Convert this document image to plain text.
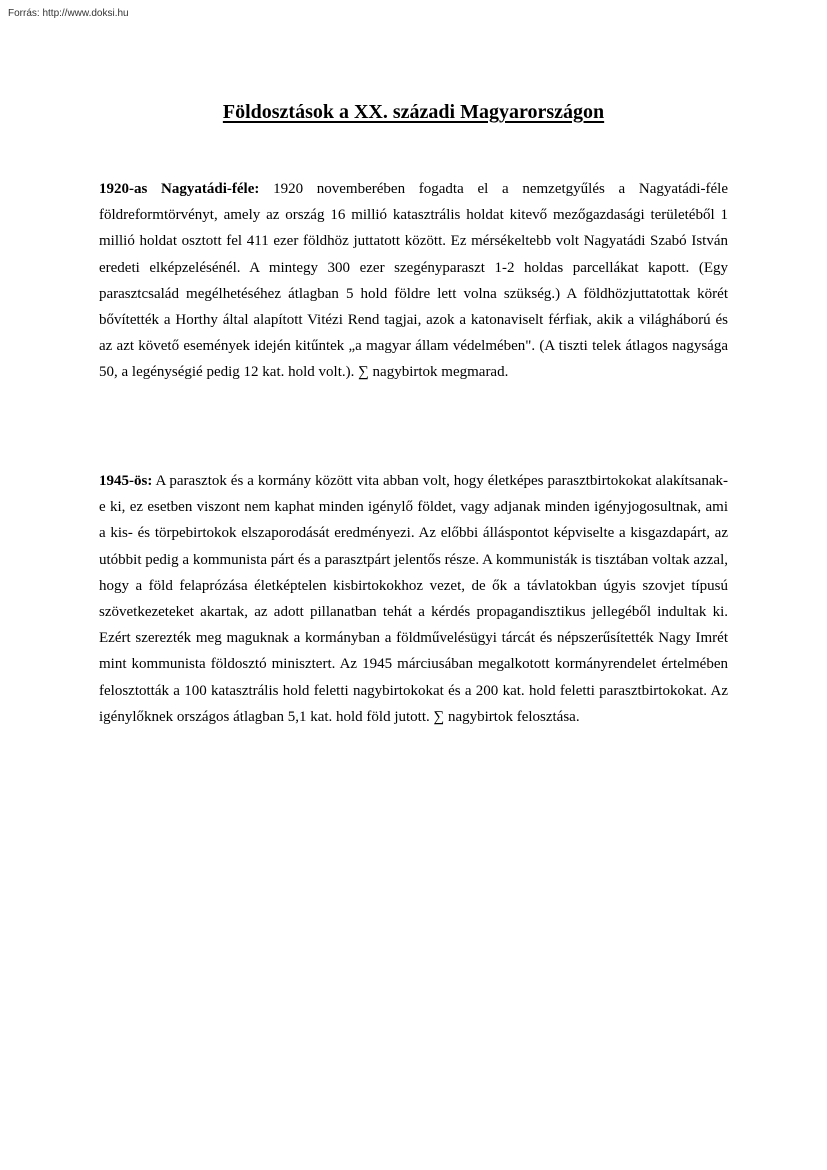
Forrás: http://www.doksi.hu
Földosztások a XX. századi Magyarországon

1920-as Nagyatádi-féle: 1920 novemberében fogadta el a nemzetgyűlés a Nagyatádi-féle földreformtörvényt, amely az ország 16 millió katasztrális holdat kitevő mezőgazdasági területéből 1 millió holdat osztott fel 411 ezer földhöz juttatott között. Ez mérsékeltebb volt Nagyatádi Szabó István eredeti elképzelésénél. A mintegy 300 ezer szegényparaszt 1-2 holdas parcellákat kapott. (Egy parasztcsalád megélhetéséhez átlagban 5 hold földre lett volna szükség.) A földhözjuttatottak körét bővítették a Horthy által alapított Vitézi Rend tagjai, azok a katonaviselt férfiak, akik a világháború és az azt követő események idején kitűntek „a magyar állam védelmében". (A tiszti telek átlagos nagysága 50, a legénységié pedig 12 kat. hold volt.). ∑ nagybirtok megmarad.

1945-ös: A parasztok és a kormány között vita abban volt, hogy életképes parasztbirtokokat alakítsanak-e ki, ez esetben viszont nem kaphat minden igénylő földet, vagy adjanak minden igényjogosultnak, ami a kis- és törpebirtokok elszaporodását eredményezi. Az előbbi álláspontot képviselte a kisgazdapárt, az utóbbit pedig a kommunista párt és a parasztpárt jelentős része. A kommunisták is tisztában voltak azzal, hogy a föld felaprózása életképtelen kisbirtokokhoz vezet, de ők a távlatokban úgyis szovjet típusú szövetkezeteket akartak, az adott pillanatban tehát a kérdés propagandisztikus jellegéből indultak ki. Ezért szerezték meg maguknak a kormányban a földművelésügyi tárcát és népszerűsítették Nagy Imrét mint kommunista földosztó minisztert. Az 1945 márciusában megalkotott kormányrendelet értelmében felosztották a 100 katasztrális hold feletti nagybirtokokat és a 200 kat. hold feletti parasztbirtokokat. Az igénylőknek országos átlagban 5,1 kat. hold föld jutott. ∑ nagybirtok felosztása.
